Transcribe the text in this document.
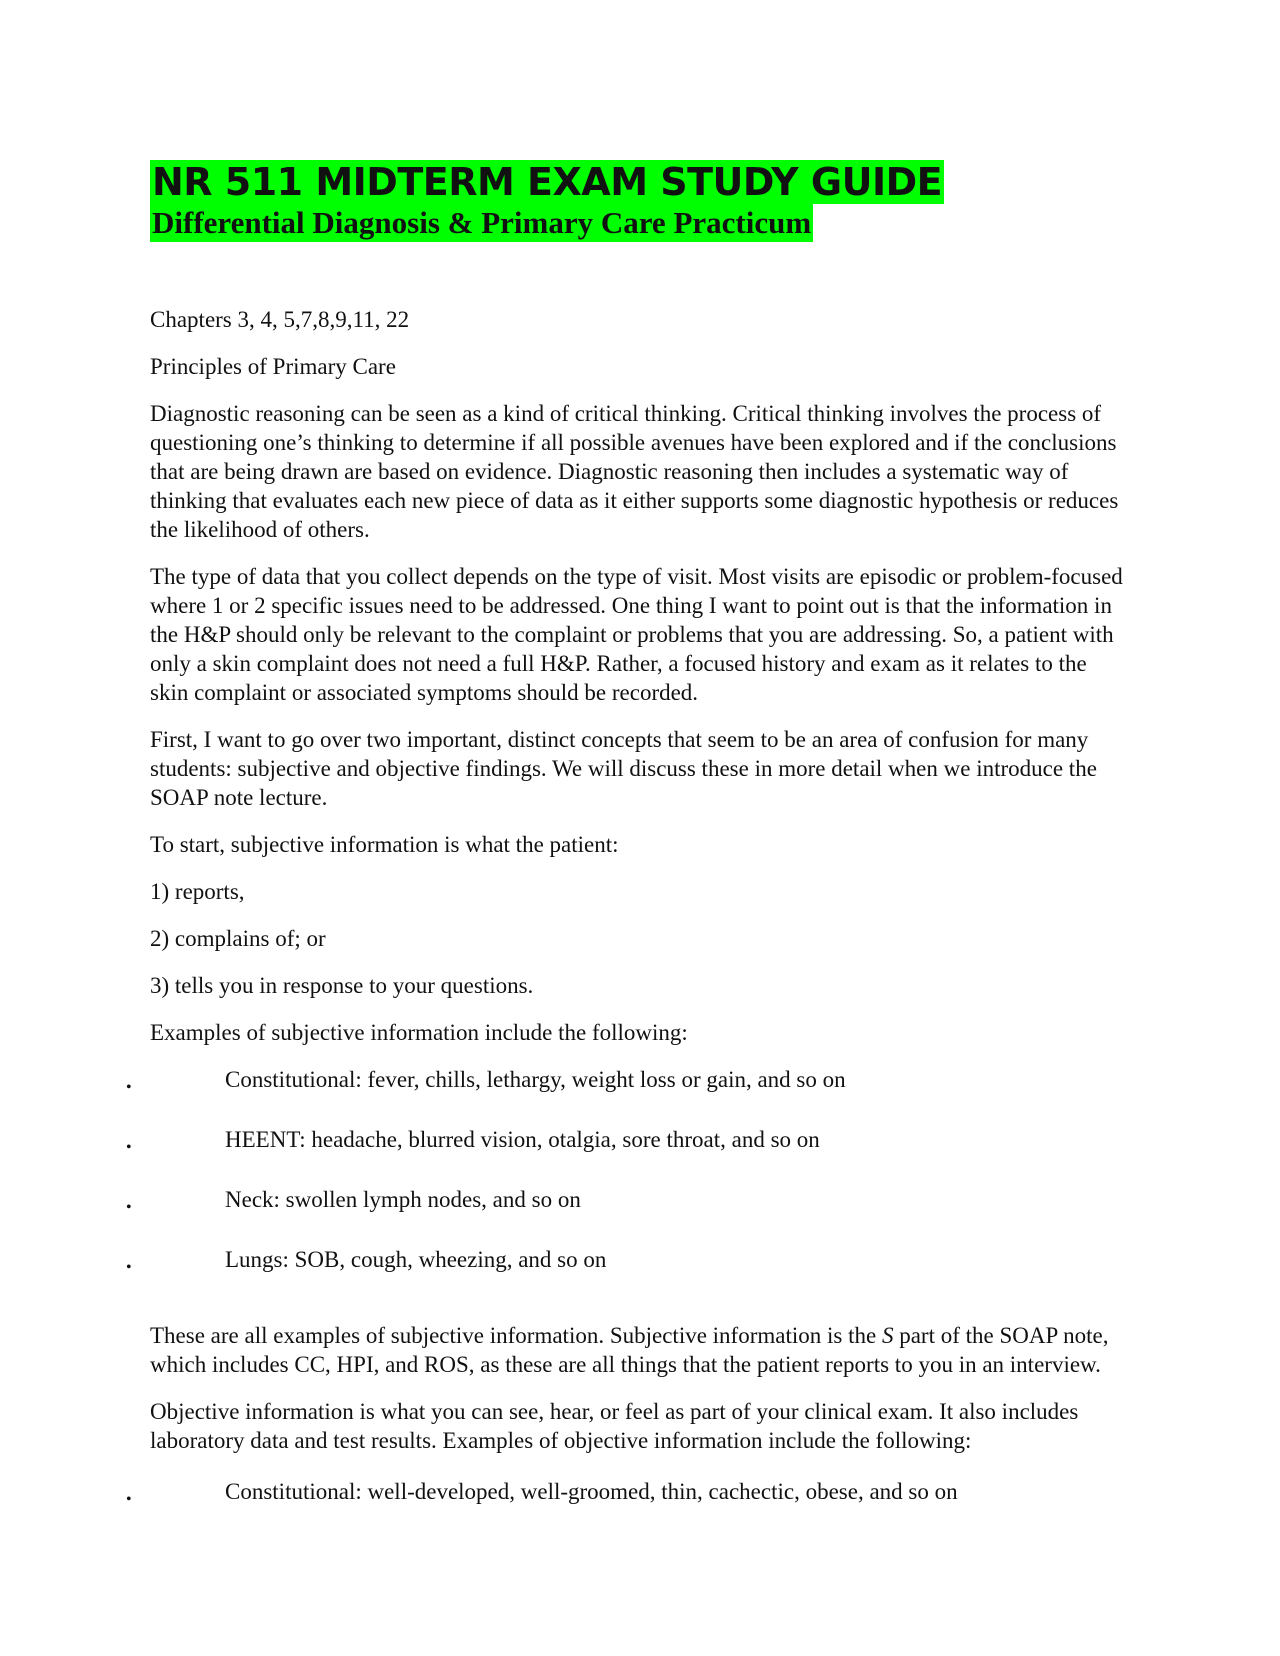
NR 511 MIDTERM EXAM STUDY GUIDE
Differential Diagnosis & Primary Care Practicum

Chapters 3, 4, 5,7,8,9,11, 22

Principles of Primary Care

Diagnostic reasoning can be seen as a kind of critical thinking. Critical thinking involves the process of questioning one’s thinking to determine if all possible avenues have been explored and if the conclusions that are being drawn are based on evidence. Diagnostic reasoning then includes a systematic way of thinking that evaluates each new piece of data as it either supports some diagnostic hypothesis or reduces the likelihood of others.

The type of data that you collect depends on the type of visit. Most visits are episodic or problem-focused where 1 or 2 specific issues need to be addressed. One thing I want to point out is that the information in the H&P should only be relevant to the complaint or problems that you are addressing. So, a patient with only a skin complaint does not need a full H&P. Rather, a focused history and exam as it relates to the skin complaint or associated symptoms should be recorded.

First, I want to go over two important, distinct concepts that seem to be an area of confusion for many students: subjective and objective findings. We will discuss these in more detail when we introduce the SOAP note lecture.

To start, subjective information is what the patient:

1) reports,

2) complains of; or

3) tells you in response to your questions.

Examples of subjective information include the following:

•	Constitutional: fever, chills, lethargy, weight loss or gain, and so on
•	HEENT: headache, blurred vision, otalgia, sore throat, and so on
•	Neck: swollen lymph nodes, and so on
•	Lungs: SOB, cough, wheezing, and so on

These are all examples of subjective information. Subjective information is the S part of the SOAP note, which includes CC, HPI, and ROS, as these are all things that the patient reports to you in an interview.

Objective information is what you can see, hear, or feel as part of your clinical exam. It also includes laboratory data and test results. Examples of objective information include the following:

•	Constitutional: well-developed, well-groomed, thin, cachectic, obese, and so on
